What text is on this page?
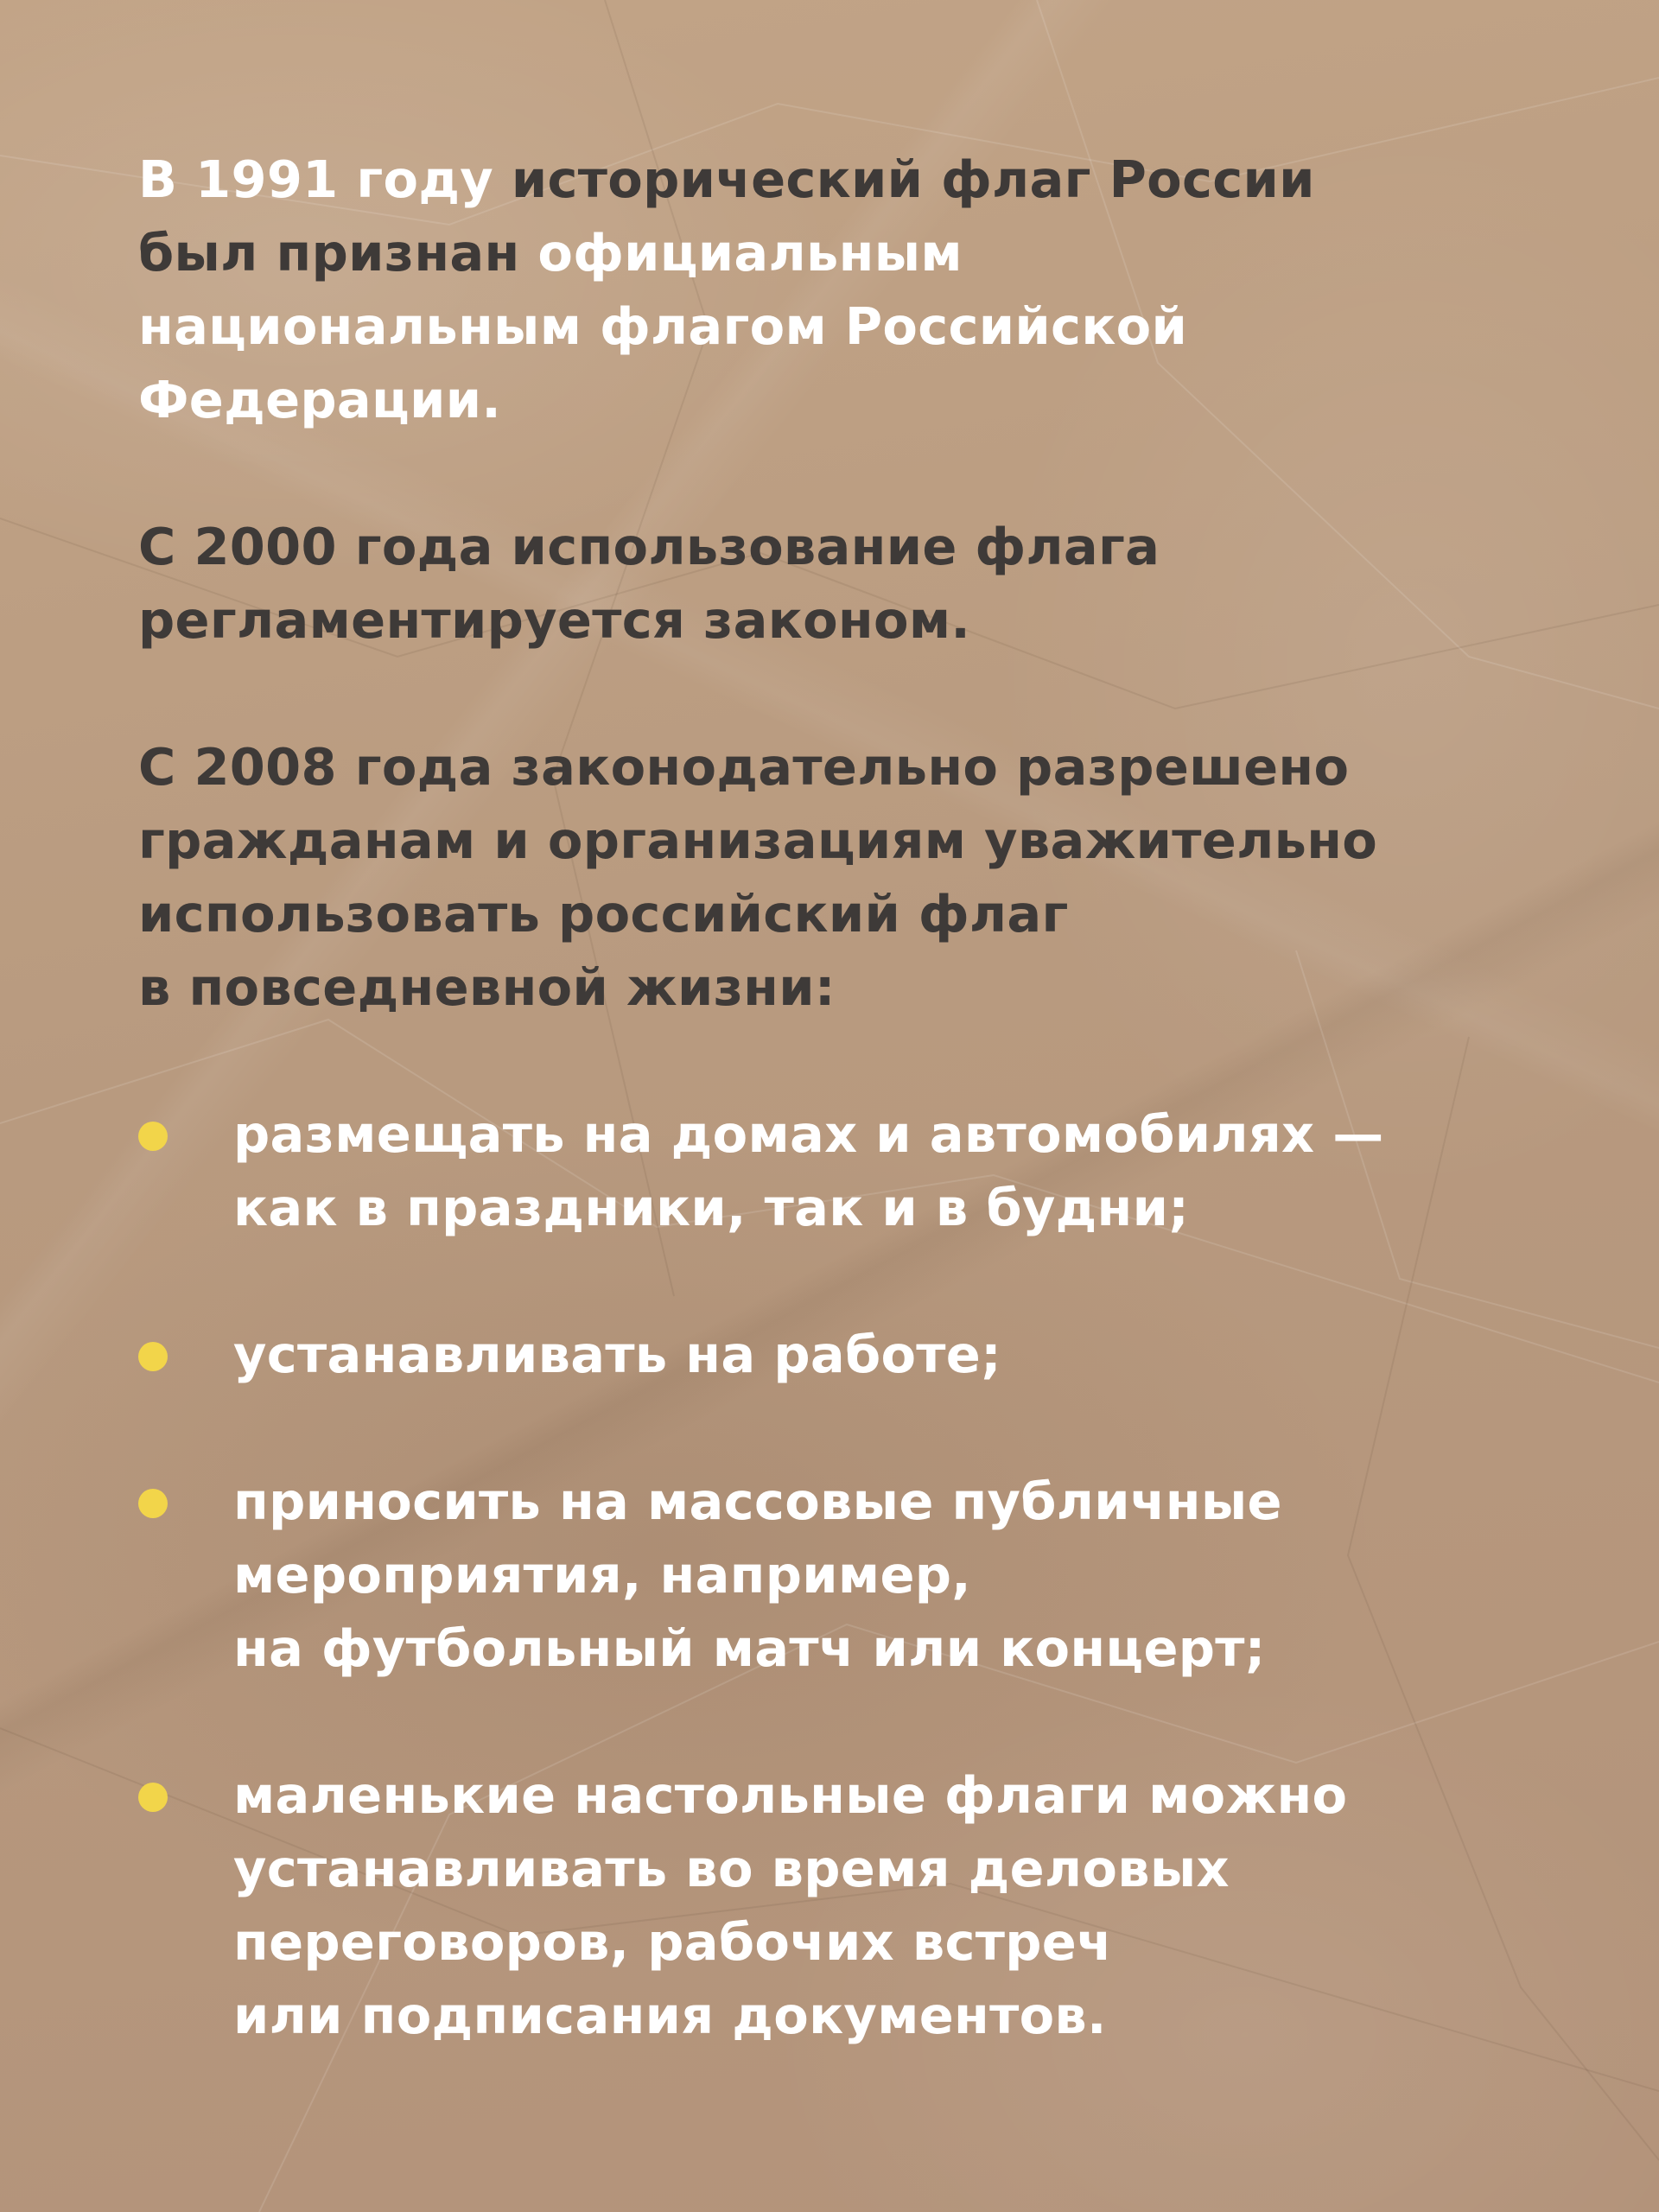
В 1991 году исторический флаг России
был признан официальным
национальным флагом Российской
Федерации.

С 2000 года использование флага
регламентируется законом.

С 2008 года законодательно разрешено
гражданам и организациям уважительно
использовать российский флаг
в повседневной жизни:

размещать на домах и автомобилях —
как в праздники, так и в будни;
устанавливать на работе;
приносить на массовые публичные
мероприятия, например,
на футбольный матч или концерт;
маленькие настольные флаги можно
устанавливать во время деловых
переговоров, рабочих встреч
или подписания документов.
